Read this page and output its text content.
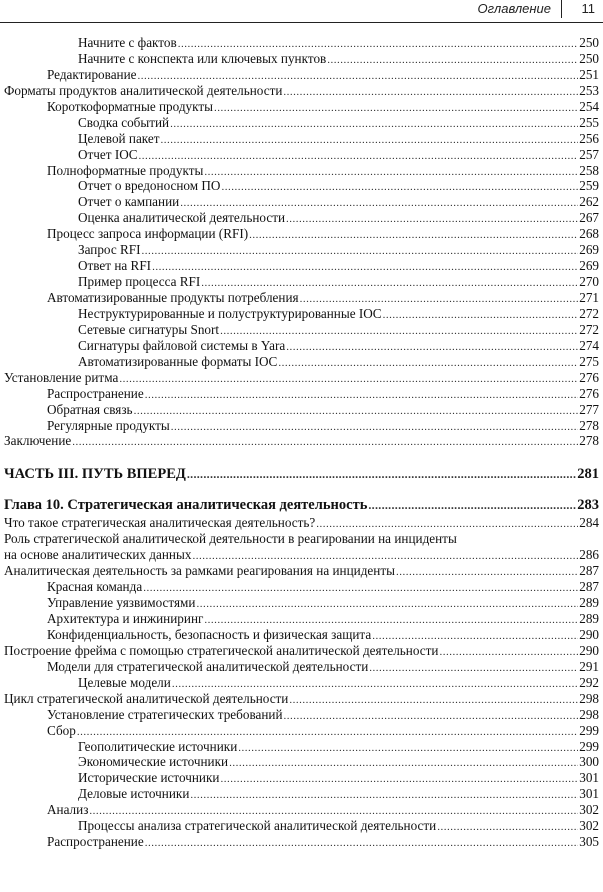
Оглавление 11
Начните с фактов .....	250
Начните с конспекта или ключевых пунктов .....	250
Редактирование .....	251
Форматы продуктов аналитической деятельности .....	253
Короткоформатные продукты .....	254
Сводка событий .....	255
Целевой пакет .....	256
Отчет IOC .....	257
Полноформатные продукты .....	258
Отчет о вредоносном ПО .....	259
Отчет о кампании .....	262
Оценка аналитической деятельности .....	267
Процесс запроса информации (RFI) .....	268
Запрос RFI .....	269
Ответ на RFI .....	269
Пример процесса RFI .....	270
Автоматизированные продукты потребления .....	271
Неструктурированные и полуструктурированные IOC .....	272
Сетевые сигнатуры Snort .....	272
Сигнатуры файловой системы в Yara .....	274
Автоматизированные форматы IOC .....	275
Установление ритма .....	276
Распространение .....	276
Обратная связь .....	277
Регулярные продукты .....	278
Заключение .....	278
ЧАСТЬ III. ПУТЬ ВПЕРЕД .....	281
Глава 10. Стратегическая аналитическая деятельность .....	283
Что такое стратегическая аналитическая деятельность? .....	284
Роль стратегической аналитической деятельности в реагировании на инциденты
на основе аналитических данных .....	286
Аналитическая деятельность за рамками реагирования на инциденты .....	287
Красная команда .....	287
Управление уязвимостями .....	289
Архитектура и инжиниринг .....	289
Конфиденциальность, безопасность и физическая защита .....	290
Построение фрейма с помощью стратегической аналитической деятельности .....	290
Модели для стратегической аналитической деятельности .....	291
Целевые модели .....	292
Цикл стратегической аналитической деятельности .....	298
Установление стратегических требований .....	298
Сбор .....	299
Геополитические источники .....	299
Экономические источники .....	300
Исторические источники .....	301
Деловые источники .....	301
Анализ .....	302
Процессы анализа стратегической аналитической деятельности .....	302
Распространение .....	305
